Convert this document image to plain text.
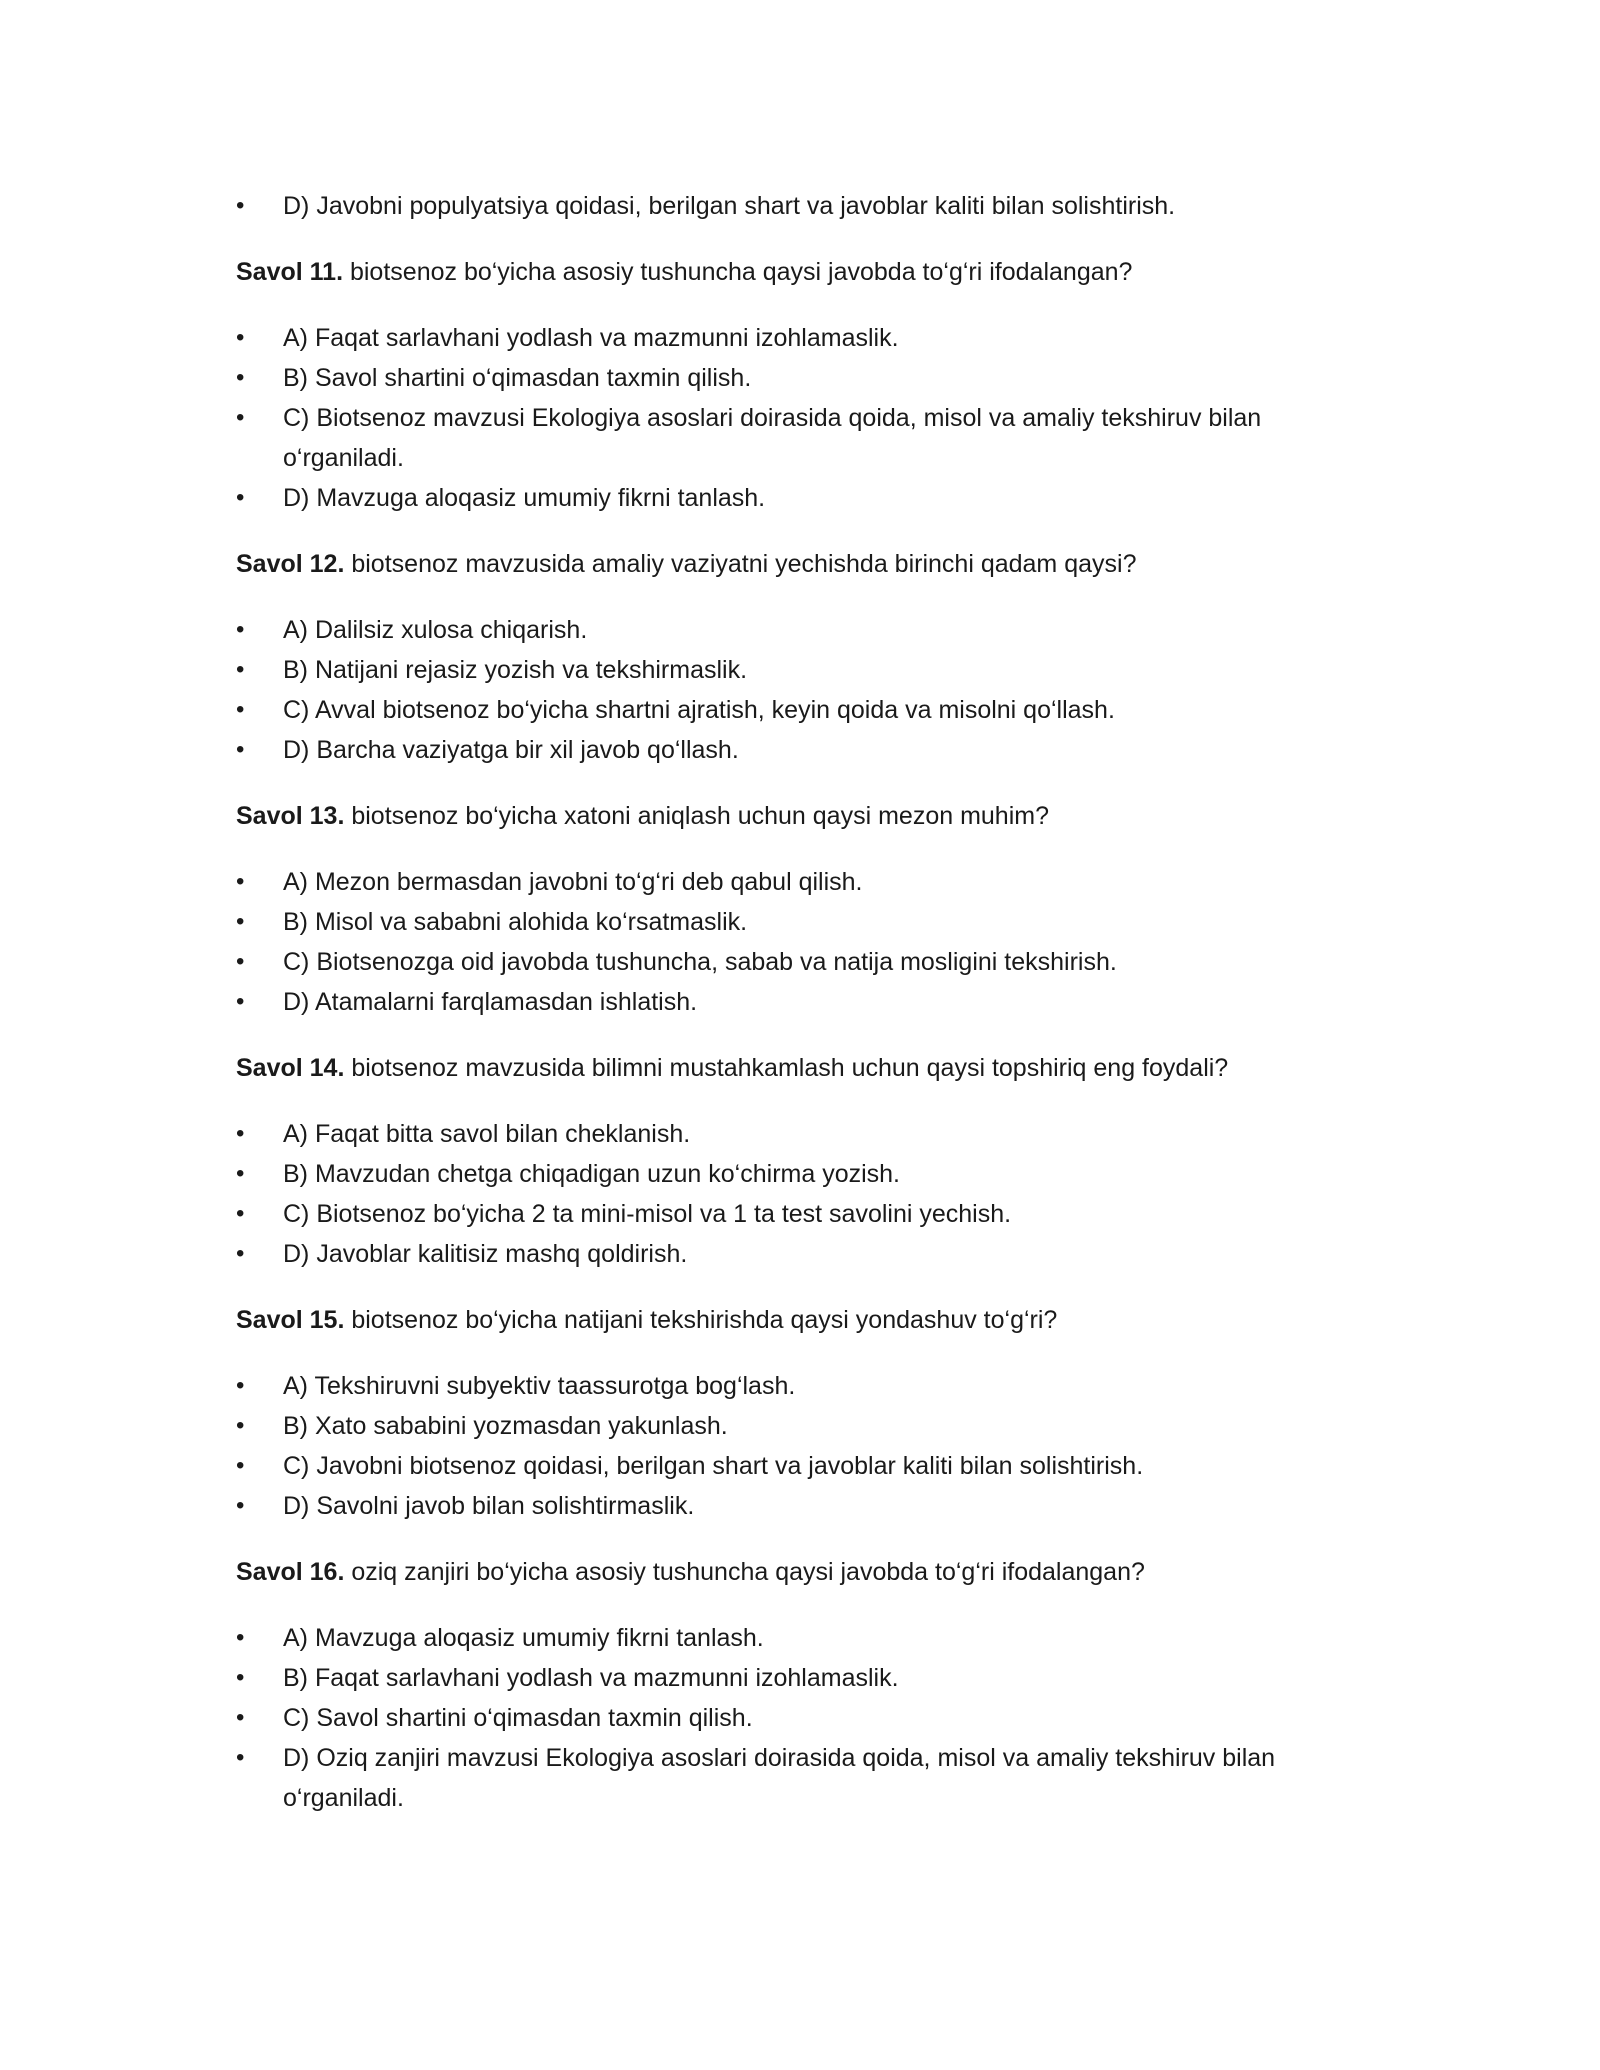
•	D) Javobni populyatsiya qoidasi, berilgan shart va javoblar kaliti bilan solishtirish.

Savol 11. biotsenoz bo‘yicha asosiy tushuncha qaysi javobda to‘g‘ri ifodalangan?

•	A) Faqat sarlavhani yodlash va mazmunni izohlamaslik.
•	B) Savol shartini o‘qimasdan taxmin qilish.
•	C) Biotsenoz mavzusi Ekologiya asoslari doirasida qoida, misol va amaliy tekshiruv bilan o‘rganiladi.
•	D) Mavzuga aloqasiz umumiy fikrni tanlash.

Savol 12. biotsenoz mavzusida amaliy vaziyatni yechishda birinchi qadam qaysi?

•	A) Dalilsiz xulosa chiqarish.
•	B) Natijani rejasiz yozish va tekshirmaslik.
•	C) Avval biotsenoz bo‘yicha shartni ajratish, keyin qoida va misolni qo‘llash.
•	D) Barcha vaziyatga bir xil javob qo‘llash.

Savol 13. biotsenoz bo‘yicha xatoni aniqlash uchun qaysi mezon muhim?

•	A) Mezon bermasdan javobni to‘g‘ri deb qabul qilish.
•	B) Misol va sababni alohida ko‘rsatmaslik.
•	C) Biotsenozga oid javobda tushuncha, sabab va natija mosligini tekshirish.
•	D) Atamalarni farqlamasdan ishlatish.

Savol 14. biotsenoz mavzusida bilimni mustahkamlash uchun qaysi topshiriq eng foydali?

•	A) Faqat bitta savol bilan cheklanish.
•	B) Mavzudan chetga chiqadigan uzun ko‘chirma yozish.
•	C) Biotsenoz bo‘yicha 2 ta mini-misol va 1 ta test savolini yechish.
•	D) Javoblar kalitisiz mashq qoldirish.

Savol 15. biotsenoz bo‘yicha natijani tekshirishda qaysi yondashuv to‘g‘ri?

•	A) Tekshiruvni subyektiv taassurotga bog‘lash.
•	B) Xato sababini yozmasdan yakunlash.
•	C) Javobni biotsenoz qoidasi, berilgan shart va javoblar kaliti bilan solishtirish.
•	D) Savolni javob bilan solishtirmaslik.

Savol 16. oziq zanjiri bo‘yicha asosiy tushuncha qaysi javobda to‘g‘ri ifodalangan?

•	A) Mavzuga aloqasiz umumiy fikrni tanlash.
•	B) Faqat sarlavhani yodlash va mazmunni izohlamaslik.
•	C) Savol shartini o‘qimasdan taxmin qilish.
•	D) Oziq zanjiri mavzusi Ekologiya asoslari doirasida qoida, misol va amaliy tekshiruv bilan o‘rganiladi.
